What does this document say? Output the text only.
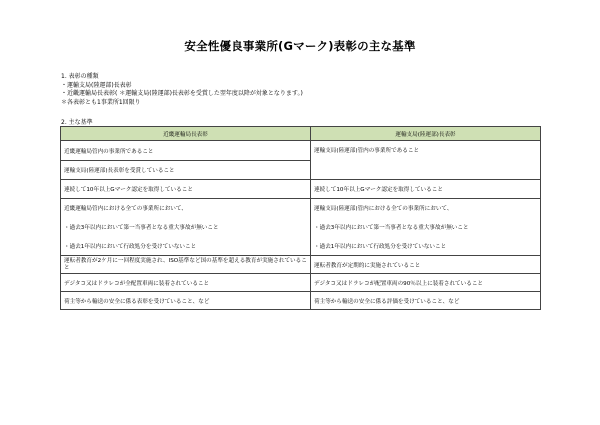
安全性優良事業所(Gマーク)表彰の主な基準
1. 表彰の種類
・運輸支局(陸運部)長表彰
・近畿運輸局長表彰( ＊運輸支局(陸運部)長表彰を受賞した翌年度以降が対象となります。)
＊各表彰とも1事業所1回限り
2. 主な基準
近畿運輸局長表彰	運輸支局(陸運部)長表彰
近畿運輸局管内の事業所であること	運輸支局(陸運部)管内の事業所であること
運輸支局(陸運部)長表彰を受賞していること	
連続して10年以上Gマーク認定を取得していること	連続して10年以上Gマーク認定を取得していること
近畿運輸局管内における全ての事業所において、	運輸支局(陸運部)管内における全ての事業所において、
・過去3年以内において第一当事者となる重大事故が無いこと	・過去3年以内において第一当事者となる重大事故が無いこと
・過去1年以内において行政処分を受けていないこと	・過去1年以内において行政処分を受けていないこと
運転者教育が2ケ月に一回程度実施され、ISO基準など国の基準を超える教育が実施されていること	運転者教育が定期的に実施されていること
デジタコ又はドラレコが全配置車両に装着されていること	デジタコ又はドラレコが配置車両の90％以上に装着されていること
荷主等から輸送の安全に係る表彰を受けていること、など	荷主等から輸送の安全に係る評価を受けていること、など
